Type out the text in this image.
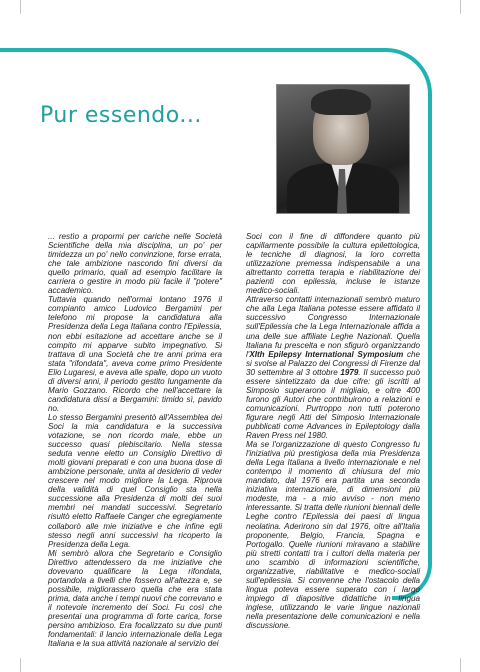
Pur essendo...

... restìo a propormi per cariche nelle Società Scientifiche della mia disciplina, un po' per timidezza un po' nello convinzione, forse errata, che tale ambizione nascondo fini diversi da quello primario, quali ad esempio facilitare la carriera o gestire in modo più facile il "potere" accademico.

Tuttavia quando nell'ormai lontano 1976 il compianto amico Ludovico Bergamini per telefono mi propose la candidatura alla Presidenza della Lega Italiana contro l'Epilessia, non ebbi esitazione ad accettare anche se il compito mi apparve subito impegnativo. Si trattava di una Società che tre anni prima era stata "rifondata", aveva come primo Presidente Elio Lugaresi, e aveva alle spalle, dopo un vuoto di diversi anni, il periodo gestito lungamente da Mario Gozzano. Ricordo che nell'accettare la candidatura dissi a Bergamini: timido sì, pavido no.

Lo stesso Bergamini presentò all'Assemblea dei Soci la mia candidatura e la successiva votazione, se non ricordo male, ebbe un successo quasi plebiscitario. Nella stessa seduta venne eletto un Consiglio Direttivo di molti giovani preparati e con una buona dose di ambizione personale, unita al desiderio di veder crescere nel modo migliore la Lega. Riprova della validità di quel Consiglio sta nella successione alla Presidenza di molti dei suoi membri nei mandati successivi. Segretario risultò eletto Raffaele Canger che egregiamente collaborò alle mie iniziative e che infine egli stesso negli anni successivi ha ricoperto la Presidenza della Lega.

Mi sembrò allora che Segretario e Consiglio Direttivo attendessero da me iniziative che dovevano qualificare la Lega rifondata, portandola a livelli che fossero all'altezza e, se possibile, migliorassero quella che era stata prima, data anche i tempi nuovi che correvano e il notevole incremento dei Soci. Fu così che presentai una programma di forte carica, forse persino ambizioso. Era focalizzato su due punti fondamentali: il lancio internazionale della Lega Italiana e la sua attività nazionale al servizio dei

Soci con il fine di diffondere quanto più capillarmente possibile la cultura epilettologica, le tecniche di diagnosi, la loro corretta utilizzazione premessa indispensabile a una altrettanto corretta terapia e riabilitazione dei pazienti con epilessia, incluse le istanze medico-sociali.

Attraverso contatti internazionali sembrò maturo che alla Lega Italiana potesse essere affidato il successivo Congresso Internazionale sull'Epilessia che la Lega Internazionale affida a una delle sue affiliate Leghe Nazionali. Quella Italiana fu prescelta e non sfigurò organizzando l'XIth Epilepsy International Symposium che si svolse al Palazzo dei Congressi di Firenze dal 30 settembre al 3 ottobre 1979. Il successo può essere sintetizzato da due cifre: gli iscritti al Simposio superarono il migliaio, e oltre 400 furono gli Autori che contribuirono a relazioni e comunicazioni. Purtroppo non tutti poterono figurare negli Atti del Simposio Internazionale pubblicati come Advances in Epileptology dalla Raven Press nel 1980.

Ma se l'organizzazione di questo Congresso fu l'iniziativa più prestigiosa della mia Presidenza della Lega Italiana a livello internazionale e nel contempo il momento di chiusura del mio mandato, dal 1976 era partita una seconda iniziativa internazionale, di dimensioni più modeste, ma - a mio avviso - non meno interessante. Si tratta delle riunioni biennali delle Leghe contro l'Epilessia dei paesi di lingua neolatina. Aderirono sin dal 1976, oltre all'Italia proponente, Belgio, Francia, Spagna e Portogallo. Quelle riunioni miravano a stabilire più stretti contatti tra i cultori della materia per uno scambio di informazioni scientifiche, organizzative, riabilitative e medico-sociali sull'epilessia. Si convenne che l'ostacolo della lingua poteva essere superato con i largo impiego di diapositive didattiche in lingua inglese, utilizzando le varie lingue nazionali nella presentazione delle comunicazioni e nella discussione.
